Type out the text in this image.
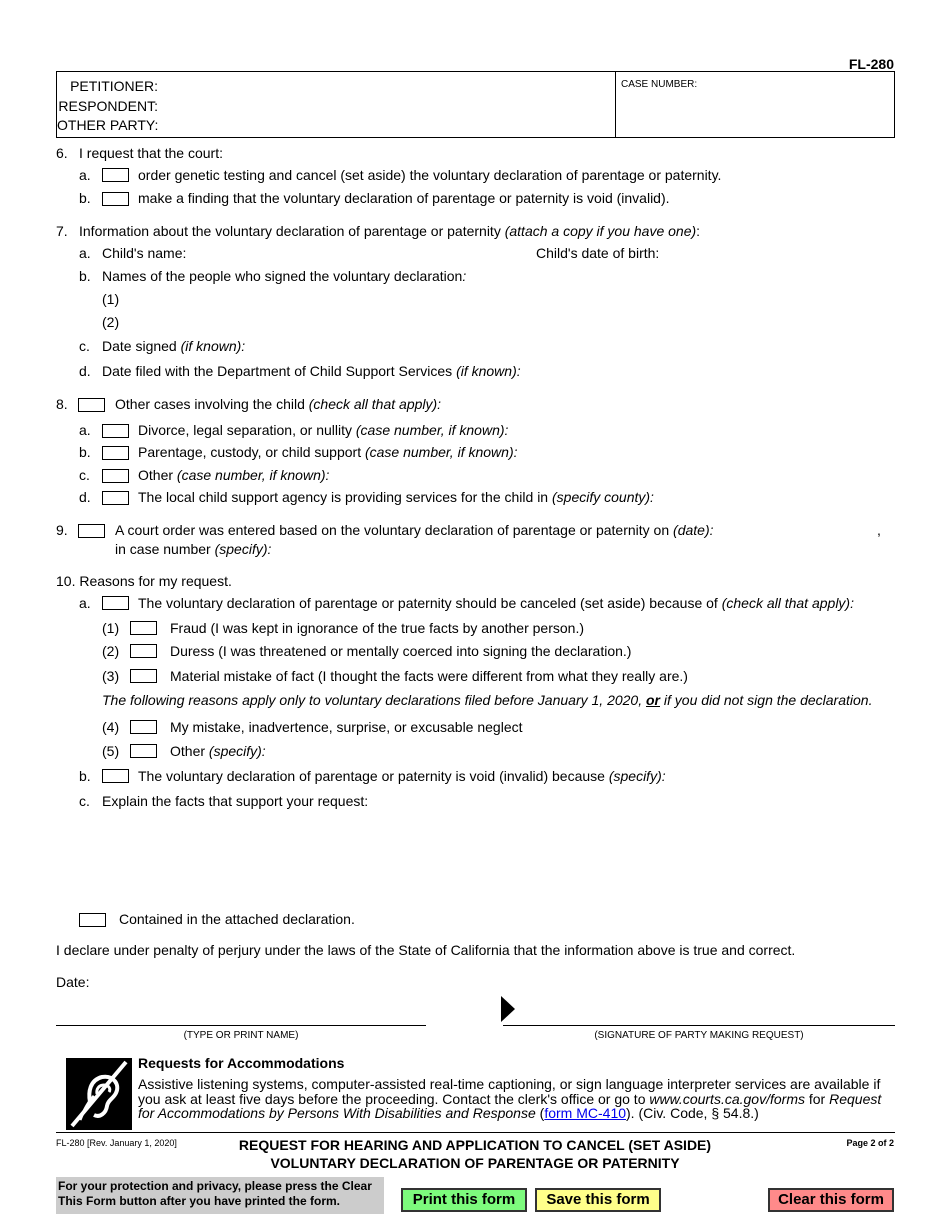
FL-280
PETITIONER:
RESPONDENT:
OTHER PARTY:
CASE NUMBER:
6. I request that the court:
a.	order genetic testing and cancel (set aside) the voluntary declaration of parentage or paternity.
b.	make a finding that the voluntary declaration of parentage or paternity is void (invalid).
7. Information about the voluntary declaration of parentage or paternity (attach a copy if you have one):
a. Child's name:	Child's date of birth:
b. Names of the people who signed the voluntary declaration:
(1)
(2)
c. Date signed (if known):
d. Date filed with the Department of Child Support Services (if known):
8.	Other cases involving the child (check all that apply):
a.	Divorce, legal separation, or nullity (case number, if known):
b.	Parentage, custody, or child support (case number, if known):
c.	Other (case number, if known):
d.	The local child support agency is providing services for the child in (specify county):
9.	A court order was entered based on the voluntary declaration of parentage or paternity on (date):	,
in case number (specify):
10. Reasons for my request.
a.	The voluntary declaration of parentage or paternity should be canceled (set aside) because of (check all that apply):
(1)	Fraud (I was kept in ignorance of the true facts by another person.)
(2)	Duress (I was threatened or mentally coerced into signing the declaration.)
(3)	Material mistake of fact (I thought the facts were different from what they really are.)
The following reasons apply only to voluntary declarations filed before January 1, 2020, or if you did not sign the declaration.
(4)	My mistake, inadvertence, surprise, or excusable neglect
(5)	Other (specify):
b.	The voluntary declaration of parentage or paternity is void (invalid) because (specify):
c. Explain the facts that support your request:
Contained in the attached declaration.
I declare under penalty of perjury under the laws of the State of California that the information above is true and correct.
Date:
(TYPE OR PRINT NAME)	(SIGNATURE OF PARTY MAKING REQUEST)
Requests for Accommodations
Assistive listening systems, computer-assisted real-time captioning, or sign language interpreter services are available if
you ask at least five days before the proceeding. Contact the clerk's office or go to www.courts.ca.gov/forms for Request
for Accommodations by Persons With Disabilities and Response (form MC-410). (Civ. Code, § 54.8.)
FL-280 [Rev. January 1, 2020]	REQUEST FOR HEARING AND APPLICATION TO CANCEL (SET ASIDE)
VOLUNTARY DECLARATION OF PARENTAGE OR PATERNITY
Page 2 of 2
For your protection and privacy, please press the Clear
This Form button after you have printed the form.	Print this form	Save this form	Clear this form
